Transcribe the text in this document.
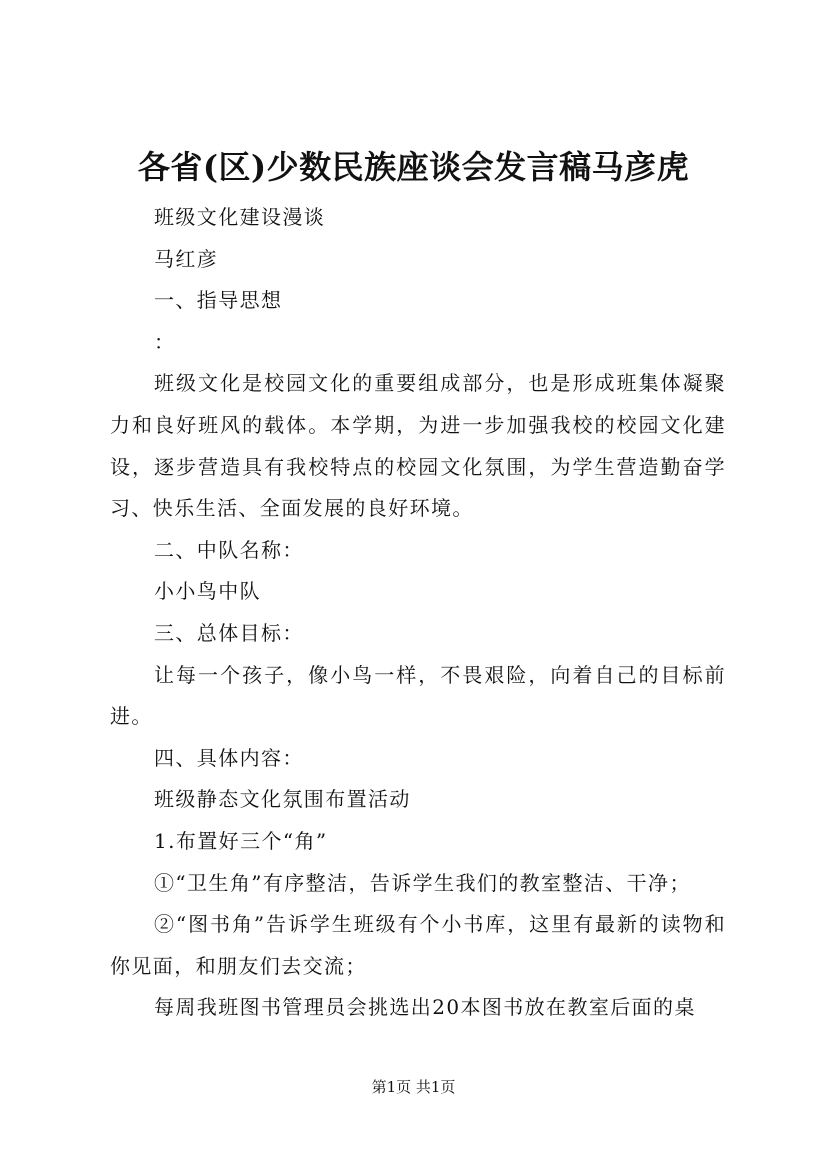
各省(区)少数民族座谈会发言稿马彦虎

班级文化建设漫谈

马红彦

一、指导思想

：

班级文化是校园文化的重要组成部分，也是形成班集体凝聚力和良好班风的载体。本学期，为进一步加强我校的校园文化建设，逐步营造具有我校特点的校园文化氛围，为学生营造勤奋学习、快乐生活、全面发展的良好环境。

二、中队名称：

小小鸟中队

三、总体目标：

让每一个孩子，像小鸟一样，不畏艰险，向着自己的目标前进。

四、具体内容：

班级静态文化氛围布置活动

1.布置好三个“角”

①“卫生角”有序整洁，告诉学生我们的教室整洁、干净；

②“图书角”告诉学生班级有个小书库，这里有最新的读物和你见面，和朋友们去交流；

每周我班图书管理员会挑选出20本图书放在教室后面的桌

第1页 共1页
